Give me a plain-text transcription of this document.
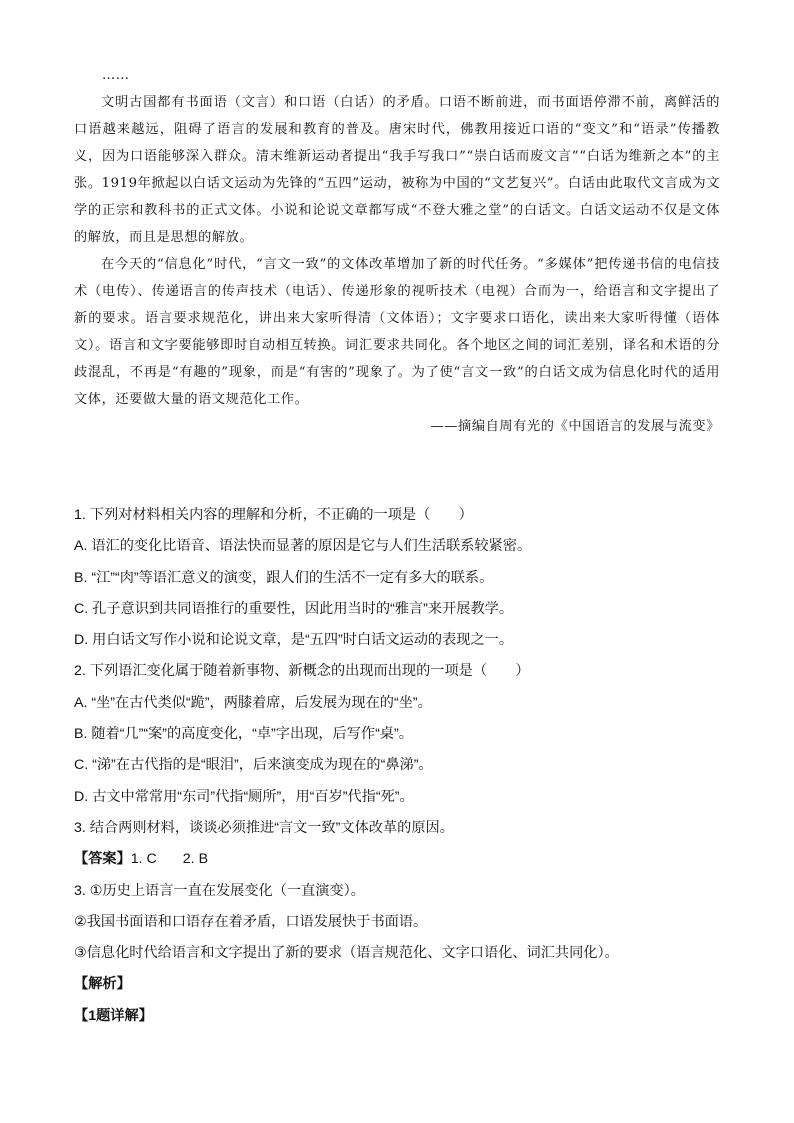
……

文明古国都有书面语（文言）和口语（白话）的矛盾。口语不断前进，而书面语停滞不前，离鲜活的口语越来越远，阻碍了语言的发展和教育的普及。唐宋时代，佛教用接近口语的“变文”和“语录”传播教义，因为口语能够深入群众。清末维新运动者提出“我手写我口”“崇白话而废文言”“白话为维新之本”的主张。1919年掀起以白话文运动为先锋的“五四”运动，被称为中国的“文艺复兴”。白话由此取代文言成为文学的正宗和教科书的正式文体。小说和论说文章都写成“不登大雅之堂”的白话文。白话文运动不仅是文体的解放，而且是思想的解放。

在今天的“信息化”时代，“言文一致”的文体改革增加了新的时代任务。“多媒体”把传递书信的电信技术（电传）、传递语言的传声技术（电话）、传递形象的视听技术（电视）合而为一，给语言和文字提出了新的要求。语言要求规范化，讲出来大家听得清（文体语）；文字要求口语化，读出来大家听得懂（语体文）。语言和文字要能够即时自动相互转换。词汇要求共同化。各个地区之间的词汇差别，译名和术语的分歧混乱，不再是“有趣的”现象，而是“有害的”现象了。为了使“言文一致”的白话文成为信息化时代的适用文体，还要做大量的语文规范化工作。

——摘编自周有光的《中国语言的发展与流变》

1. 下列对材料相关内容的理解和分析，不正确的一项是（　　）
A. 语汇的变化比语音、语法快而显著的原因是它与人们生活联系较紧密。
B. “江”“肉”等语汇意义的演变，跟人们的生活不一定有多大的联系。
C. 孔子意识到共同语推行的重要性，因此用当时的“雅言”来开展教学。
D. 用白话文写作小说和论说文章，是“五四”时白话文运动的表现之一。
2. 下列语汇变化属于随着新事物、新概念的出现而出现的一项是（　　）
A. “坐”在古代类似“跪”，两膝着席，后发展为现在的“坐”。
B. 随着“几”“案”的高度变化，“卓”字出现，后写作“桌”。
C. “涕”在古代指的是“眼泪”，后来演变成为现在的“鼻涕”。
D. 古文中常常用“东司”代指“厕所”，用“百岁”代指“死”。
3. 结合两则材料，谈谈必须推进“言文一致”文体改革的原因。
【答案】1. C 2. B
3. ①历史上语言一直在发展变化（一直演变）。
②我国书面语和口语存在着矛盾，口语发展快于书面语。
③信息化时代给语言和文字提出了新的要求（语言规范化、文字口语化、词汇共同化）。
【解析】
【1题详解】
